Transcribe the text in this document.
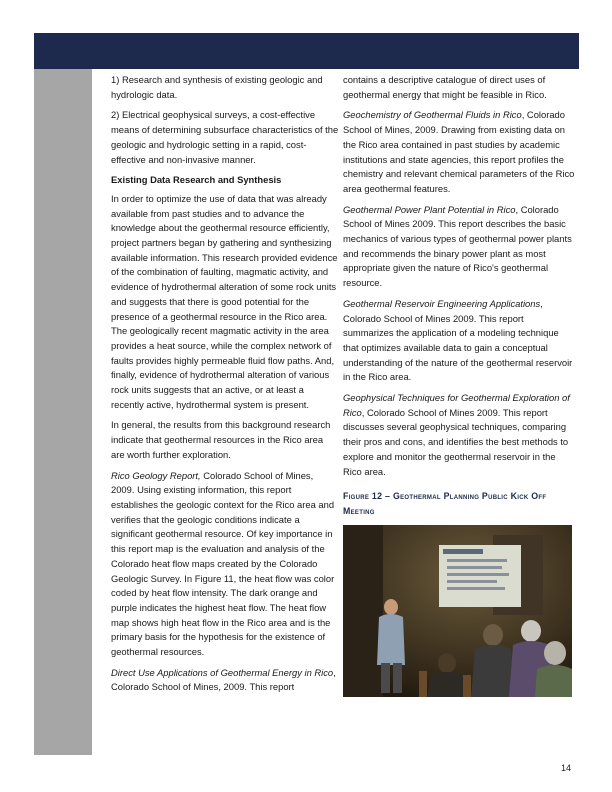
1) Research and synthesis of existing geologic and hydrologic data.

2) Electrical geophysical surveys, a cost-effective means of determining subsurface characteristics of the geologic and hydrologic setting in a rapid, cost-effective and non-invasive manner.

Existing Data Research and Synthesis

In order to optimize the use of data that was already available from past studies and to advance the knowledge about the geothermal resource efficiently, project partners began by gathering and synthesizing available information. This research provided evidence of the combination of faulting, magmatic activity, and evidence of hydrothermal alteration of some rock units and suggests that there is good potential for the presence of a geothermal resource in the Rico area. The geologically recent magmatic activity in the area provides a heat source, while the complex network of faults provides highly permeable fluid flow paths. And, finally, evidence of hydrothermal alteration of various rock units suggests that an active, or at least a recently active, hydrothermal system is present.

In general, the results from this background research indicate that geothermal resources in the Rico area are worth further exploration.

Rico Geology Report, Colorado School of Mines, 2009. Using existing information, this report establishes the geologic context for the Rico area and verifies that the geologic conditions indicate a significant geothermal resource. Of key importance in this report map is the evaluation and analysis of the Colorado heat flow maps created by the Colorado Geologic Survey. In Figure 11, the heat flow was color coded by heat flow intensity. The dark orange and purple indicates the highest heat flow. The heat flow map shows high heat flow in the Rico area and is the primary basis for the hypothesis for the existence of geothermal resources.

Direct Use Applications of Geothermal Energy in Rico, Colorado School of Mines, 2009. This report

contains a descriptive catalogue of direct uses of geothermal energy that might be feasible in Rico.

Geochemistry of Geothermal Fluids in Rico, Colorado School of Mines, 2009. Drawing from existing data on the Rico area contained in past studies by academic institutions and state agencies, this report profiles the chemistry and relevant chemical parameters of the Rico area geothermal features.

Geothermal Power Plant Potential in Rico, Colorado School of Mines 2009. This report describes the basic mechanics of various types of geothermal power plants and recommends the binary power plant as most appropriate given the nature of Rico's geothermal resource.

Geothermal Reservoir Engineering Applications, Colorado School of Mines 2009. This report summarizes the application of a modeling technique that optimizes available data to gain a conceptual understanding of the nature of the geothermal reservoir in the Rico area.

Geophysical Techniques for Geothermal Exploration of Rico, Colorado School of Mines 2009. This report discusses several geophysical techniques, comparing their pros and cons, and identifies the best methods to explore and monitor the geothermal reservoir in the Rico area.

Figure 12 – Geothermal Planning Public Kick Off Meeting
14
